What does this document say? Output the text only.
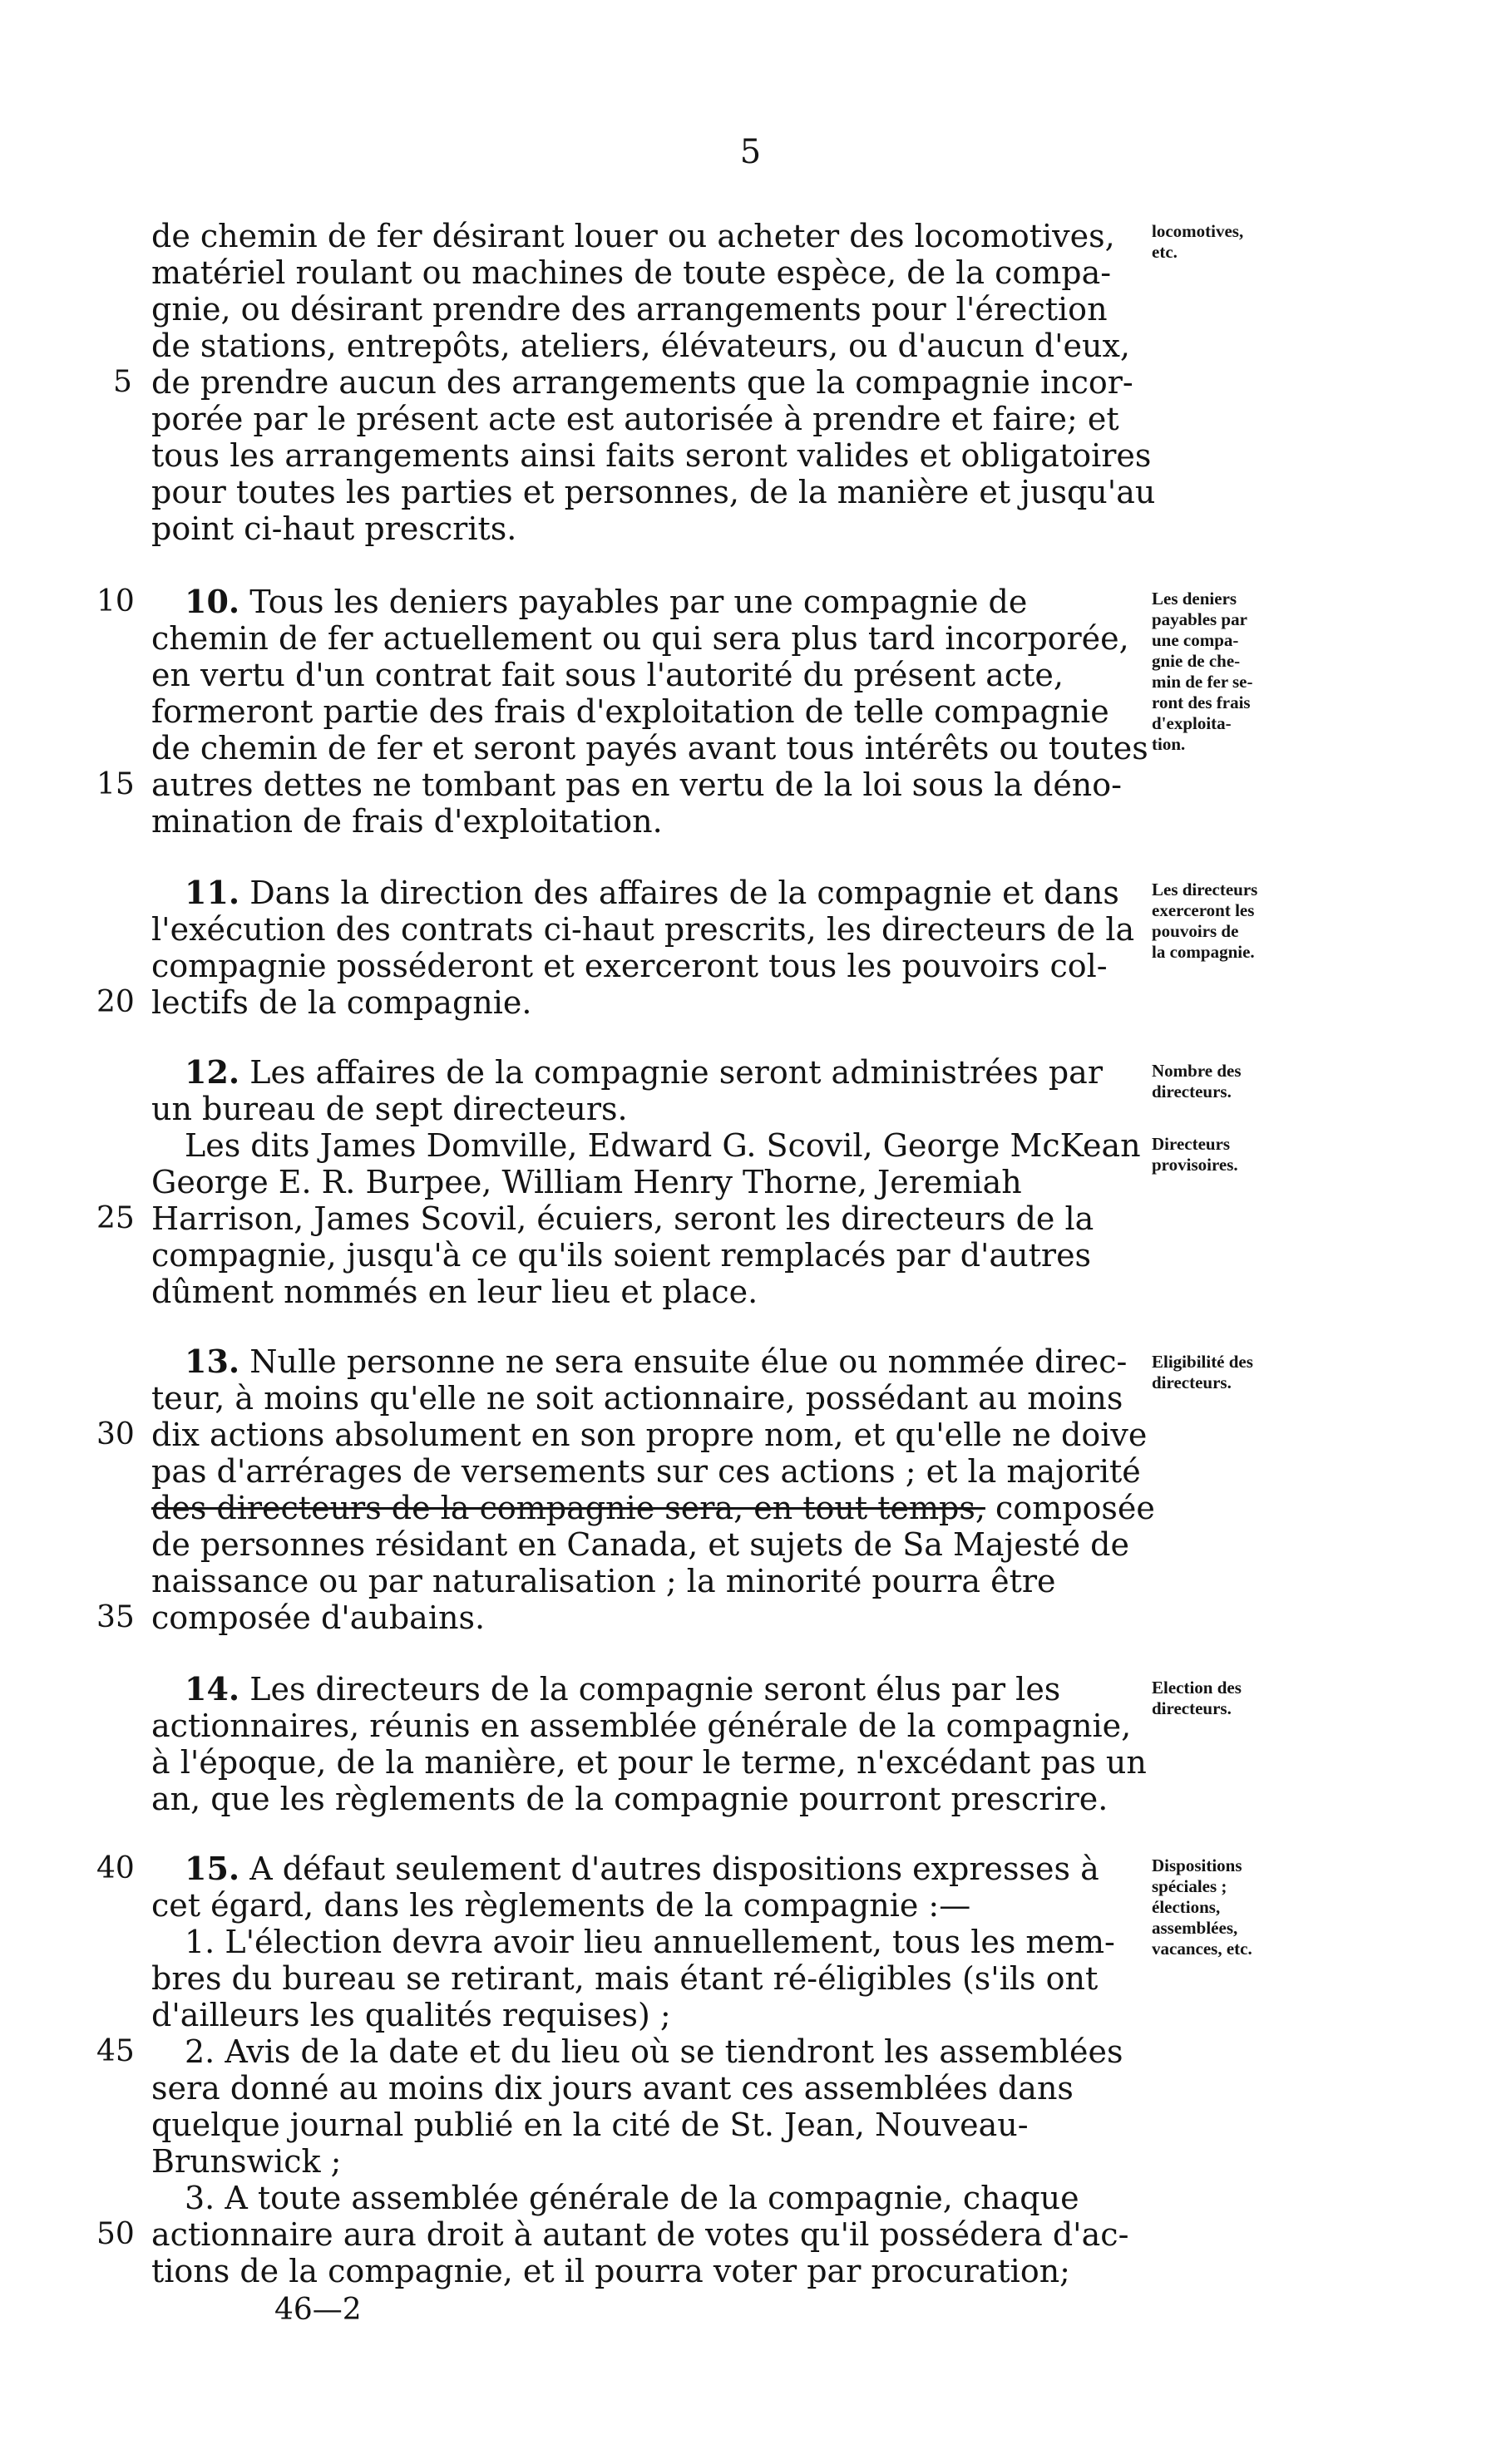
5
de chemin de fer désirant louer ou acheter des locomotives,
matériel roulant ou machines de toute espèce, de la compa-
gnie, ou désirant prendre des arrangements pour l'érection
de stations, entrepôts, ateliers, élévateurs, ou d'aucun d'eux,
de prendre aucun des arrangements que la compagnie incor-
porée par le présent acte est autorisée à prendre et faire; et
tous les arrangements ainsi faits seront valides et obligatoires
pour toutes les parties et personnes, de la manière et jusqu'au
point ci-haut prescrits.
locomotives,
etc.
10. Tous les deniers payables par une compagnie de
chemin de fer actuellement ou qui sera plus tard incorporée,
en vertu d'un contrat fait sous l'autorité du présent acte,
formeront partie des frais d'exploitation de telle compagnie
de chemin de fer et seront payés avant tous intérêts ou toutes
autres dettes ne tombant pas en vertu de la loi sous la déno-
mination de frais d'exploitation.
Les deniers
payables par
une compa-
gnie de che-
min de fer se-
ront des frais
d'exploita-
tion.
11. Dans la direction des affaires de la compagnie et dans
l'exécution des contrats ci-haut prescrits, les directeurs de la
compagnie posséderont et exerceront tous les pouvoirs col-
lectifs de la compagnie.
Les directeurs
exerceront les
pouvoirs de
la compagnie.
12. Les affaires de la compagnie seront administrées par
un bureau de sept directeurs.
Les dits James Domville, Edward G. Scovil, George McKean
George E. R. Burpee, William Henry Thorne, Jeremiah
Harrison, James Scovil, écuiers, seront les directeurs de la
compagnie, jusqu'à ce qu'ils soient remplacés par d'autres
dûment nommés en leur lieu et place.
Nombre des
directeurs.
Directeurs
provisoires.
13. Nulle personne ne sera ensuite élue ou nommée direc-
teur, à moins qu'elle ne soit actionnaire, possédant au moins
dix actions absolument en son propre nom, et qu'elle ne doive
pas d'arrérages de versements sur ces actions ; et la majorité
des directeurs de la compagnie sera, en tout temps, composée
de personnes résidant en Canada, et sujets de Sa Majesté de
naissance ou par naturalisation ; la minorité pourra être
composée d'aubains.
Eligibilité des
directeurs.
14. Les directeurs de la compagnie seront élus par les
actionnaires, réunis en assemblée générale de la compagnie,
à l'époque, de la manière, et pour le terme, n'excédant pas un
an, que les règlements de la compagnie pourront prescrire.
Election des
directeurs.
15. A défaut seulement d'autres dispositions expresses à
cet égard, dans les règlements de la compagnie :—
1. L'élection devra avoir lieu annuellement, tous les mem-
bres du bureau se retirant, mais étant ré-éligibles (s'ils ont
d'ailleurs les qualités requises) ;
2. Avis de la date et du lieu où se tiendront les assemblées
sera donné au moins dix jours avant ces assemblées dans
quelque journal publié en la cité de St. Jean, Nouveau-
Brunswick ;
3. A toute assemblée générale de la compagnie, chaque
actionnaire aura droit à autant de votes qu'il possédera d'ac-
tions de la compagnie, et il pourra voter par procuration;
Dispositions
spéciales ;
élections,
assemblées,
vacances, etc.
5
10
15
20
25
30
35
40
45
50
46—2
